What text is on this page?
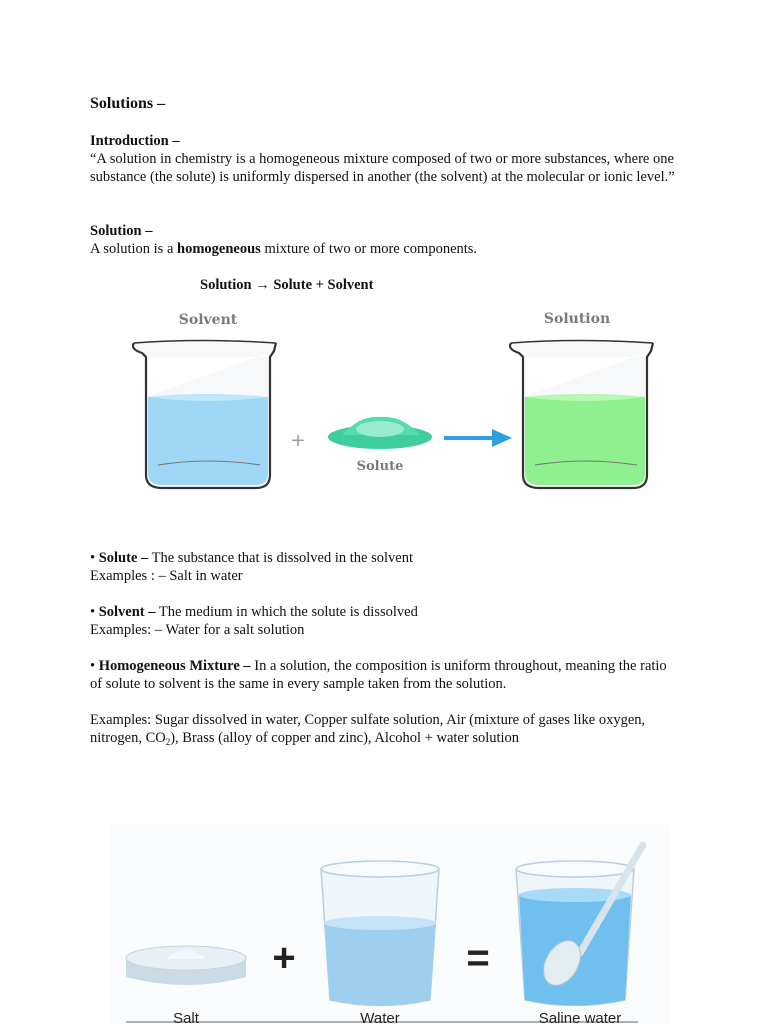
Solutions –
Introduction –
“A solution in chemistry is a homogeneous mixture composed of two or more substances, where one substance (the solute) is uniformly dispersed in another (the solvent) at the molecular or ionic level.”
Solution –
A solution is a homogeneous mixture of two or more components.
Solution → Solute + Solvent
Solvent	Solution
+
Solute
• Solute – The substance that is dissolved in the solvent
Examples : – Salt in water
• Solvent – The medium in which the solute is dissolved
Examples: – Water for a salt solution
• Homogeneous Mixture – In a solution, the composition is uniform throughout, meaning the ratio of solute to solvent is the same in every sample taken from the solution.
Examples: Sugar dissolved in water, Copper sulfate solution, Air (mixture of gases like oxygen, nitrogen, $CO_2$), Brass (alloy of copper and zinc), Alcohol + water solution
+	=
Salt	Water	Saline water
